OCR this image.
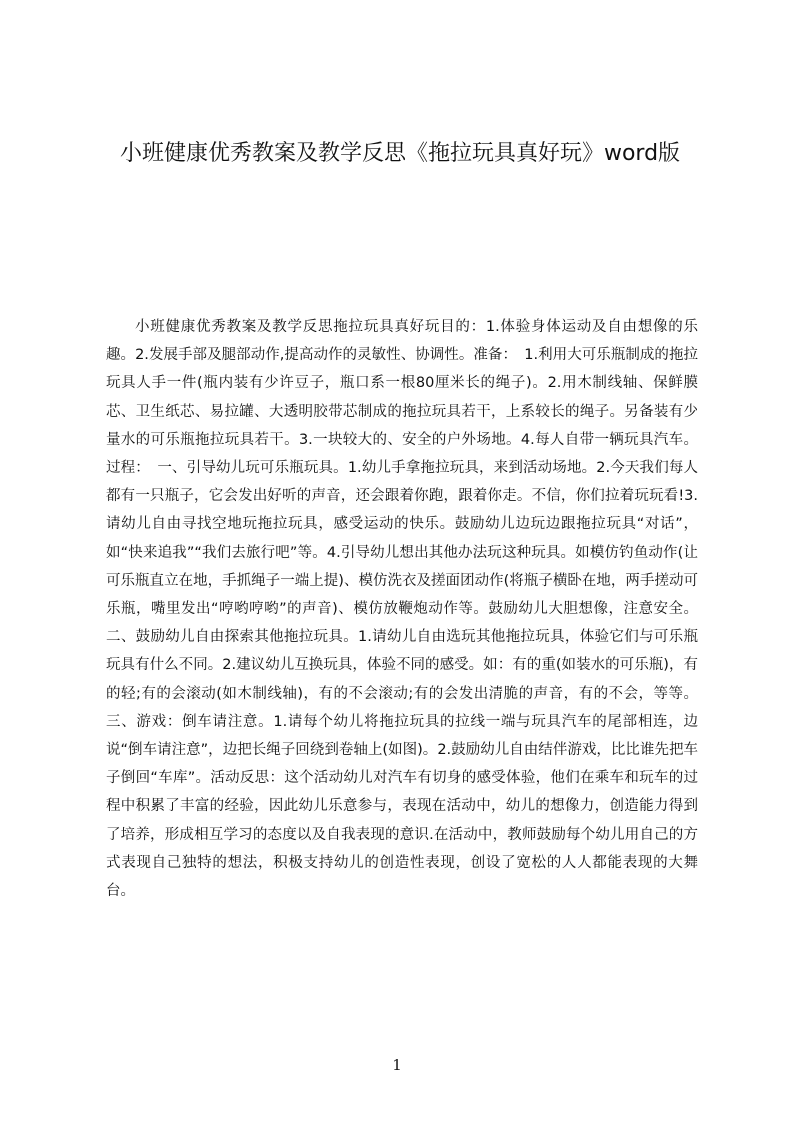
小班健康优秀教案及教学反思《拖拉玩具真好玩》word版

小班健康优秀教案及教学反思拖拉玩具真好玩目的：1.体验身体运动及自由想像的乐趣。2.发展手部及腿部动作,提高动作的灵敏性、协调性。准备：　1.利用大可乐瓶制成的拖拉玩具人手一件(瓶内装有少许豆子，瓶口系一根80厘米长的绳子)。2.用木制线轴、保鲜膜芯、卫生纸芯、易拉罐、大透明胶带芯制成的拖拉玩具若干，上系较长的绳子。另备装有少量水的可乐瓶拖拉玩具若干。3.一块较大的、安全的户外场地。4.每人自带一辆玩具汽车。过程：　一、引导幼儿玩可乐瓶玩具。1.幼儿手拿拖拉玩具，来到活动场地。2.今天我们每人都有一只瓶子，它会发出好听的声音，还会跟着你跑，跟着你走。不信，你们拉着玩玩看!3.请幼儿自由寻找空地玩拖拉玩具，感受运动的快乐。鼓励幼儿边玩边跟拖拉玩具“对话”，如“快来追我”“我们去旅行吧”等。4.引导幼儿想出其他办法玩这种玩具。如模仿钓鱼动作(让可乐瓶直立在地，手抓绳子一端上提)、模仿洗衣及搓面团动作(将瓶子横卧在地，两手搓动可乐瓶，嘴里发出“哼哟哼哟”的声音)、模仿放鞭炮动作等。鼓励幼儿大胆想像，注意安全。二、鼓励幼儿自由探索其他拖拉玩具。1.请幼儿自由选玩其他拖拉玩具，体验它们与可乐瓶玩具有什么不同。2.建议幼儿互换玩具，体验不同的感受。如：有的重(如装水的可乐瓶)，有的轻;有的会滚动(如木制线轴)，有的不会滚动;有的会发出清脆的声音，有的不会，等等。三、游戏：倒车请注意。1.请每个幼儿将拖拉玩具的拉线一端与玩具汽车的尾部相连，边说“倒车请注意”，边把长绳子回绕到卷轴上(如图)。2.鼓励幼儿自由结伴游戏，比比谁先把车子倒回“车库”。活动反思：这个活动幼儿对汽车有切身的感受体验，他们在乘车和玩车的过程中积累了丰富的经验，因此幼儿乐意参与，表现在活动中，幼儿的想像力，创造能力得到了培养，形成相互学习的态度以及自我表现的意识.在活动中，教师鼓励每个幼儿用自己的方式表现自己独特的想法，积极支持幼儿的创造性表现，创设了宽松的人人都能表现的大舞台。

1
